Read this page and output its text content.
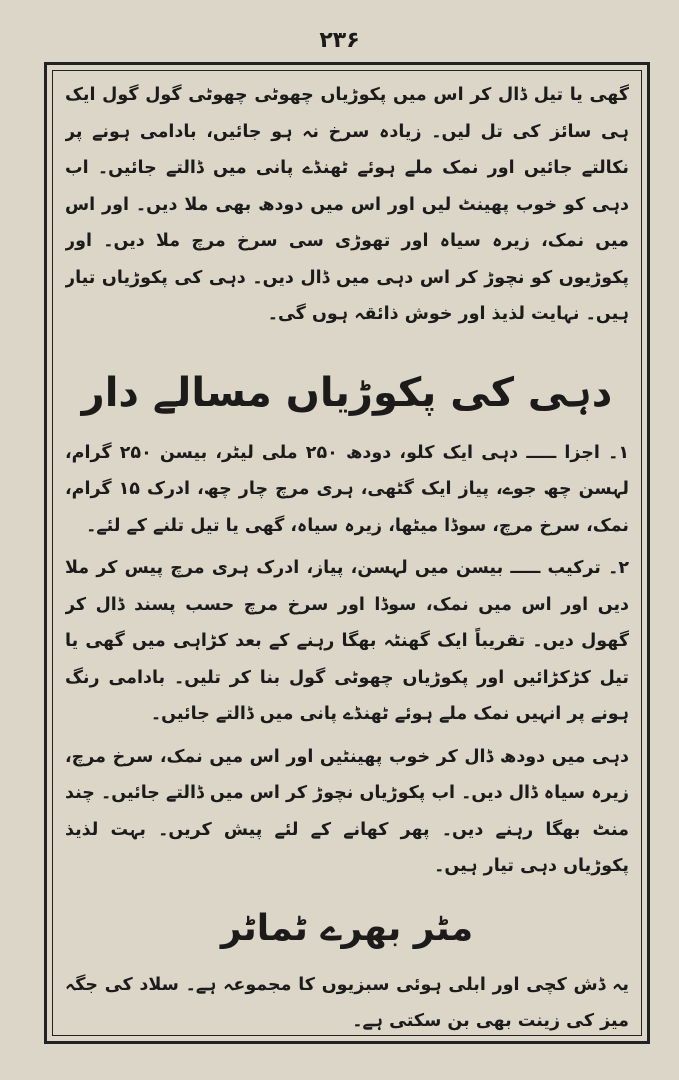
۲۳۶

گھی یا تیل ڈال کر اس میں پکوڑیاں چھوٹی چھوٹی گول گول ایک ہی سائز کی تل لیں۔ زیادہ سرخ نہ ہو جائیں، بادامی ہونے پر نکالتے جائیں اور نمک ملے ہوئے ٹھنڈے پانی میں ڈالتے جائیں۔ اب دہی کو خوب پھینٹ لیں اور اس میں دودھ بھی ملا دیں۔ اور اس میں نمک، زیرہ سیاہ اور تھوڑی سی سرخ مرچ ملا دیں۔ اور پکوڑیوں کو نچوڑ کر اس دہی میں ڈال دیں۔ دہی کی پکوڑیاں تیار ہیں۔ نہایت لذیذ اور خوش ذائقہ ہوں گی۔

دہی کی پکوڑیاں مسالے دار

۱۔ اجزا ـــــ دہی ایک کلو، دودھ ۲۵۰ ملی لیٹر، بیسن ۲۵۰ گرام، لہسن چھ جوے، پیاز ایک گٹھی، ہری مرچ چار چھ، ادرک ۱۵ گرام، نمک، سرخ مرچ، سوڈا میٹھا، زیرہ سیاہ، گھی یا تیل تلنے کے لئے۔

۲۔ ترکیب ـــــ بیسن میں لہسن، پیاز، ادرک ہری مرچ پیس کر ملا دیں اور اس میں نمک، سوڈا اور سرخ مرچ حسب پسند ڈال کر گھول دیں۔ تقریباً ایک گھنٹہ بھگا رہنے کے بعد کڑاہی میں گھی یا تیل کڑکڑائیں اور پکوڑیاں چھوٹی گول بنا کر تلیں۔ بادامی رنگ ہونے پر انہیں نمک ملے ہوئے ٹھنڈے پانی میں ڈالتے جائیں۔

دہی میں دودھ ڈال کر خوب پھینٹیں اور اس میں نمک، سرخ مرچ، زیرہ سیاہ ڈال دیں۔ اب پکوڑیاں نچوڑ کر اس میں ڈالتے جائیں۔ چند منٹ بھگا رہنے دیں۔ پھر کھانے کے لئے پیش کریں۔ بہت لذیذ پکوڑیاں دہی تیار ہیں۔

مٹر بھرے ٹماٹر

یہ ڈش کچی اور ابلی ہوئی سبزیوں کا مجموعہ ہے۔ سلاد کی جگہ میز کی زینت بھی بن سکتی ہے۔
